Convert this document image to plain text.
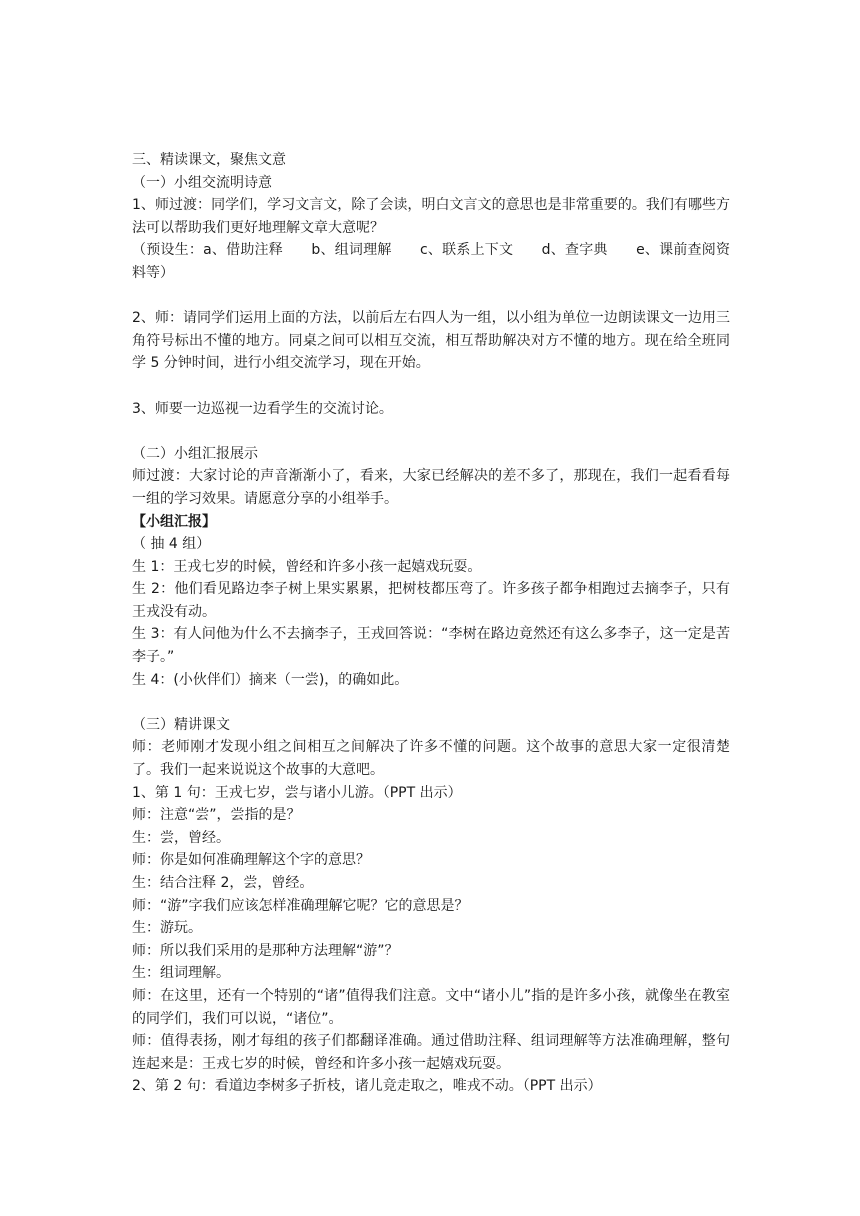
三、精读课文，聚焦文意

（一）小组交流明诗意

1、师过渡：同学们，学习文言文，除了会读，明白文言文的意思也是非常重要的。我们有哪些方法可以帮助我们更好地理解文章大意呢？

（预设生：a、借助注释　　b、组词理解　　c、联系上下文　　d、查字典　　e、课前查阅资料等）

2、师：请同学们运用上面的方法，以前后左右四人为一组，以小组为单位一边朗读课文一边用三角符号标出不懂的地方。同桌之间可以相互交流，相互帮助解决对方不懂的地方。现在给全班同学 5 分钟时间，进行小组交流学习，现在开始。

3、师要一边巡视一边看学生的交流讨论。

（二）小组汇报展示

师过渡：大家讨论的声音渐渐小了，看来，大家已经解决的差不多了，那现在，我们一起看看每一组的学习效果。请愿意分享的小组举手。

【小组汇报】

（ 抽 4 组）

生 1：王戎七岁的时候，曾经和许多小孩一起嬉戏玩耍。

生 2：他们看见路边李子树上果实累累，把树枝都压弯了。许多孩子都争相跑过去摘李子，只有王戎没有动。

生 3：有人问他为什么不去摘李子，王戎回答说：“李树在路边竟然还有这么多李子，这一定是苦李子。”

生 4：(小伙伴们）摘来（一尝)，的确如此。

（三）精讲课文

师：老师刚才发现小组之间相互之间解决了许多不懂的问题。这个故事的意思大家一定很清楚了。我们一起来说说这个故事的大意吧。

1、第 1 句：王戎七岁，尝与诸小儿游。（PPT 出示）

师：注意“尝”，尝指的是？

生：尝，曾经。

师：你是如何准确理解这个字的意思？

生：结合注释 2，尝，曾经。

师：“游”字我们应该怎样准确理解它呢？它的意思是？

生：游玩。

师：所以我们采用的是那种方法理解“游”？

生：组词理解。

师：在这里，还有一个特别的“诸”值得我们注意。文中“诸小儿”指的是许多小孩，就像坐在教室的同学们，我们可以说，“诸位”。

师：值得表扬，刚才每组的孩子们都翻译准确。通过借助注释、组词理解等方法准确理解，整句连起来是：王戎七岁的时候，曾经和许多小孩一起嬉戏玩耍。

2、第 2 句：看道边李树多子折枝，诸儿竞走取之，唯戎不动。（PPT 出示）
